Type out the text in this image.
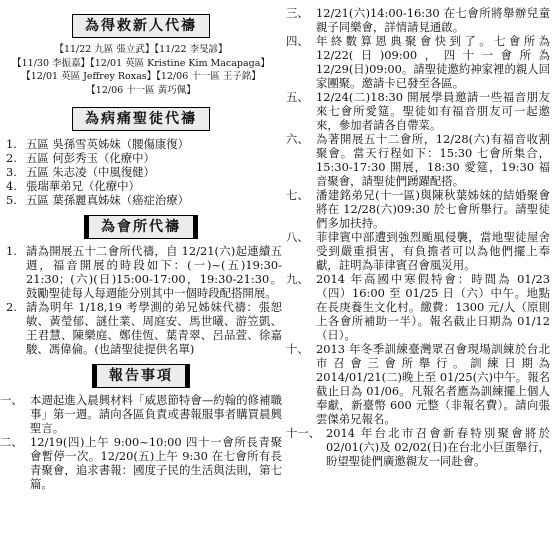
為得救新人代禱
【11/22 九區 張立武】【11/22 李旻諺】
【11/30 李振嘉】【12/01 英區 Kristine Kim Macapaga】
【12/01 英區 Jeffrey Roxas】【12/06 十一區 王子銘】
【12/06 十一區 黃巧佩】
為病痛聖徒代禱
1. 五區 吳孫雪英姊妹（腰傷康復）
2. 五區 何彭秀玉（化療中）
3. 五區 朱志凌（中風復健）
4. 張瑞華弟兄（化療中）
5. 五區 葉孫麗真姊妹（癌症治療）
為會所代禱
1. 請為開展五十二會所代禱，自 12/21(六)起連續五週，福音開展的時段如下：(一)~(五)19:30-21:30；(六)(日)15:00-17:00，19:30-21:30。鼓勵聖徒每人每週能分別其中一個時段配搭開展。
2. 請為明年 1/18,19 考學測的弟兄姊妹代禱：張恕敏、黃瑩郁、謎仕業、周庭安、馬世曦、游笠凱、王君慧、陳樂庭、鄭佳恆、葉青翠、呂品萱、徐嘉駿、馮偉倫。(也請聖徒提供名單)
報告事項
一、 本週起進入晨興材料「威恩節特會—約翰的修補職事」第一週。請向各區負責或書報服事者購買晨興聖言。
二、 12/19(四)上午 9:00~10:00 四十一會所長青聚會暫停一次。12/20(五)上午 9:30 在七會所有長青聚會，追求書報：國度子民的生活與法則，第七篇。
三、 12/21(六)14:00-16:30 在七會所將舉辦兒童親子同樂會，詳情請見通啟。
四、 年終數算恩典聚會快到了。七會所為12/22(日)09:00，四十一會所為 12/29(日)09:00。請聖徒邀約神家裡的親人回家團聚。邀請卡已發至各區。
五、 12/24(二)18:30 開展學員邀請一些福音朋友來七會所愛筵。聖徒如有福音朋友可一起邀來，參加者請各自帶菜。
六、 為著開展五十二會所，12/28(六)有福音收割聚會。當天行程如下：15:30 七會所集合，15:30-17:30 開展，18:30 愛筵，19:30 福音聚會，請聖徒們踴躍配搭。
七、 潘建銘弟兄(十一區)與陳秋葉姊妹的結婚聚會將在 12/28(六)09:30 於七會所舉行。請聖徒們多加扶持。
八、 菲律賓中部遭到強烈颱風侵襲，當地聖徒屋舍受到嚴重損害，有負擔者可以為他們擺上奉獻，註明為菲律賓召會風災用。
九、 2014 年高國中寒假特會：時間為 01/23（四）16:00 至 01/25 日（六）中午。地點在長庚養生文化村。繳費：1300 元/人（原則上各會所補助一半）。報名截止日期為 01/12（日）。
十、 2013 年冬季訓練臺灣眾召會現場訓練於台北市召會三會所舉行。訓練日期為2014/01/21(二)晚上至 01/25(六)中午。報名截止日為 01/06。凡報名者應為訓練擺上個人奉獻，新臺幣 600 元整（非報名費）。請向張雲傑弟兄報名。
十一、 2014 年台北市召會新春特別聚會將於02/01(六)及 02/02(日)在台北小巨蛋舉行，盼望聖徒們廣邀親友一同赴會。
